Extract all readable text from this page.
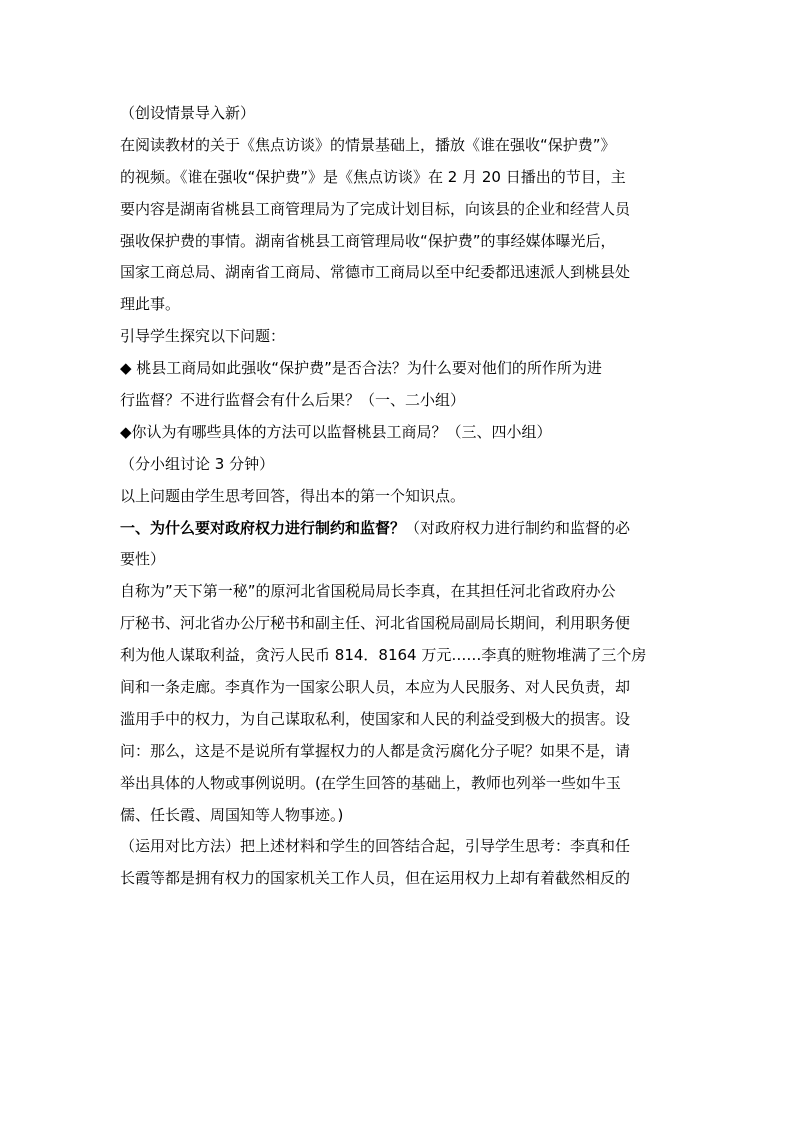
（创设情景导入新）
在阅读教材的关于《焦点访谈》的情景基础上，播放《谁在强收“保护费”》
的视频。《谁在强收“保护费”》是《焦点访谈》在 2 月 20 日播出的节目，主
要内容是湖南省桃县工商管理局为了完成计划目标，向该县的企业和经营人员
强收保护费的事情。湖南省桃县工商管理局收“保护费”的事经媒体曝光后，
国家工商总局、湖南省工商局、常德市工商局以至中纪委都迅速派人到桃县处
理此事。
引导学生探究以下问题：
◆ 桃县工商局如此强收“保护费”是否合法？为什么要对他们的所作所为进
行监督？不进行监督会有什么后果？（一、二小组）
◆你认为有哪些具体的方法可以监督桃县工商局？（三、四小组）
（分小组讨论 3 分钟）
以上问题由学生思考回答，得出本的第一个知识点。
一、为什么要对政府权力进行制约和监督？（对政府权力进行制约和监督的必
要性）
自称为”天下第一秘”的原河北省国税局局长李真，在其担任河北省政府办公
厅秘书、河北省办公厅秘书和副主任、河北省国税局副局长期间，利用职务便
利为他人谋取利益，贪污人民币 814．8164 万元……李真的赃物堆满了三个房
间和一条走廊。李真作为一国家公职人员，本应为人民服务、对人民负责，却
滥用手中的权力，为自己谋取私利，使国家和人民的利益受到极大的损害。设
问：那么，这是不是说所有掌握权力的人都是贪污腐化分子呢？如果不是，请
举出具体的人物或事例说明。(在学生回答的基础上，教师也列举一些如牛玉
儒、任长霞、周国知等人物事迹。)
（运用对比方法）把上述材料和学生的回答结合起，引导学生思考：李真和任
长霞等都是拥有权力的国家机关工作人员，但在运用权力上却有着截然相反的
